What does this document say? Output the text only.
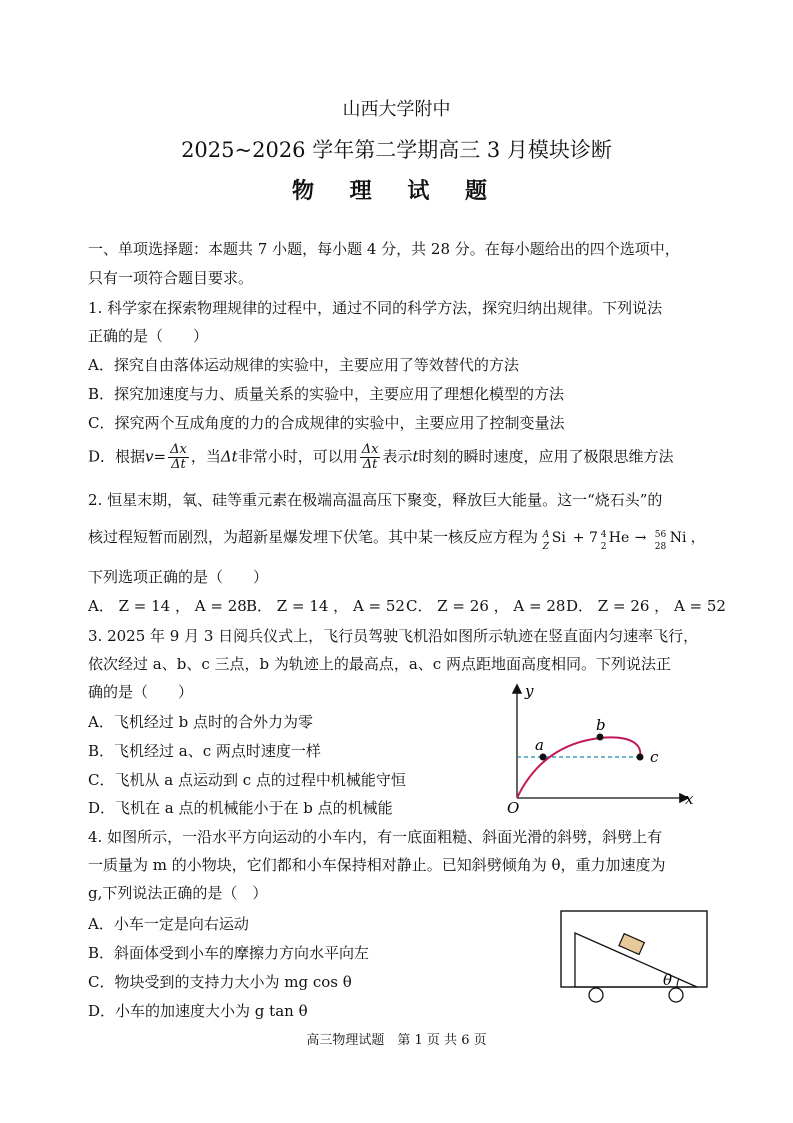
山西大学附中
2025~2026 学年第二学期高三 3 月模块诊断
物 理 试 题
一、单项选择题：本题共 7 小题，每小题 4 分，共 28 分。在每小题给出的四个选项中，
只有一项符合题目要求。
1. 科学家在探索物理规律的过程中，通过不同的科学方法，探究归纳出规律。下列说法
正确的是（　　）
A．探究自由落体运动规律的实验中，主要应用了等效替代的方法
B．探究加速度与力、质量关系的实验中，主要应用了理想化模型的方法
C．探究两个互成角度的力的合成规律的实验中，主要应用了控制变量法
D．根据$v= \frac{\Delta x}{\Delta t}$ ，当Δt非常小时，可以用 $\frac{\Delta x}{\Delta t}$ 表示t时刻的瞬时速度，应用了极限思维方法
2. 恒星末期，氧、硅等重元素在极端高温高压下聚变，释放巨大能量。这一“烧石头”的
核过程短暂而剧烈，为超新星爆发埋下伏笔。其中某一核反应方程为 A
Z
Si + 7 4
2
He → 56
28
Ni ，
下列选项正确的是（　　）
A． Z = 14 ， A = 28 B． Z = 14 ， A = 52 C． Z = 26 ， A = 28 D． Z = 26 ， A = 52
3. 2025 年 9 月 3 日阅兵仪式上，飞行员驾驶飞机沿如图所示轨迹在竖直面内匀速率飞行，
依次经过 a、b、c 三点，b 为轨迹上的最高点，a、c 两点距地面高度相同。下列说法正
确的是（　　）
A．飞机经过 b 点时的合外力为零
B．飞机经过 a、c 两点时速度一样
C．飞机从 a 点运动到 c 点的过程中机械能守恒
D．飞机在 a 点的机械能小于在 b 点的机械能
y
x
O
a
b
c
4. 如图所示，一沿水平方向运动的小车内，有一底面粗糙、斜面光滑的斜劈，斜劈上有
一质量为 m 的小物块，它们都和小车保持相对静止。已知斜劈倾角为 θ，重力加速度为
g,下列说法正确的是（　）
A．小车一定是向右运动
B．斜面体受到小车的摩擦力方向水平向左
C．物块受到的支持力大小为 mg cos θ
D．小车的加速度大小为 g tan θ
θ
高三物理试题　第 1 页 共 6 页
